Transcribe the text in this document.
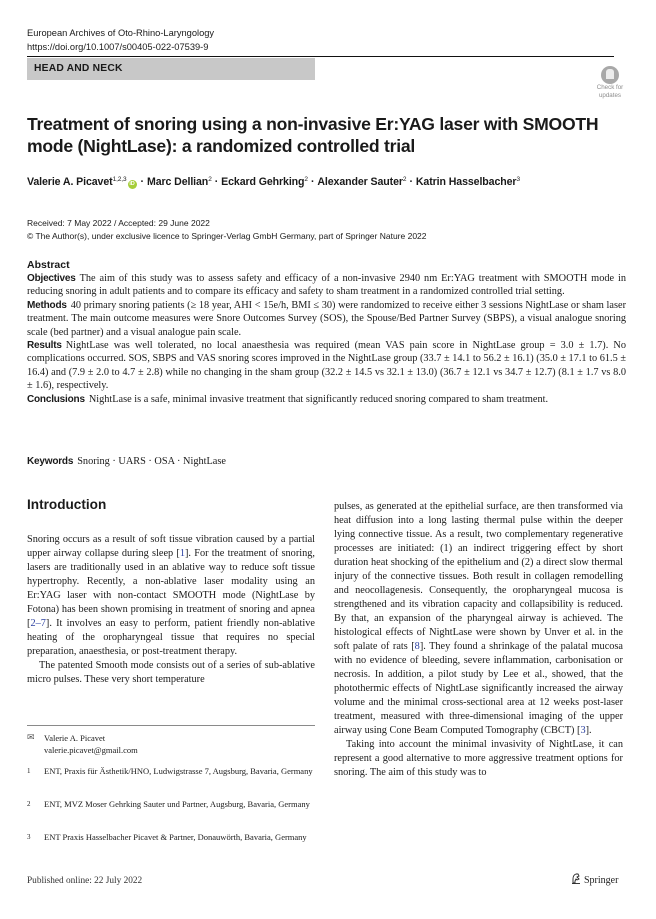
European Archives of Oto-Rhino-Laryngology
https://doi.org/10.1007/s00405-022-07539-9
HEAD AND NECK
Check for
updates
Treatment of snoring using a non-invasive Er:YAG laser with SMOOTH mode (NightLase): a randomized controlled trial
Valerie A. Picavet$^{1,2,3}$iD · Marc Dellian$^2$ · Eckard Gehrking$^2$ · Alexander Sauter$^2$ · Katrin Hasselbacher$^3$
Received: 7 May 2022 / Accepted: 29 June 2022
© The Author(s), under exclusive licence to Springer-Verlag GmbH Germany, part of Springer Nature 2022
Abstract

Objectives The aim of this study was to assess safety and efficacy of a non-invasive 2940 nm Er:YAG treatment with SMOOTH mode in reducing snoring in adult patients and to compare its efficacy and safety to sham treatment in a randomized controlled trial setting.

Methods 40 primary snoring patients (≥ 18 year, AHI < 15e/h, BMI ≤ 30) were randomized to receive either 3 sessions NightLase or sham laser treatment. The main outcome measures were Snore Outcomes Survey (SOS), the Spouse/Bed Partner Survey (SBPS), a visual analogue snoring scale (bed partner) and a visual analogue pain scale.

Results NightLase was well tolerated, no local anaesthesia was required (mean VAS pain score in NightLase group = 3.0 ± 1.7). No complications occurred. SOS, SBPS and VAS snoring scores improved in the NightLase group (33.7 ± 14.1 to 56.2 ± 16.1) (35.0 ± 17.1 to 61.5 ± 16.4) and (7.9 ± 2.0 to 4.7 ± 2.8) while no changing in the sham group (32.2 ± 14.5 vs 32.1 ± 13.0) (36.7 ± 12.1 vs 34.7 ± 12.7) (8.1 ± 1.7 vs 8.0 ± 1.6), respectively.

Conclusions NightLase is a safe, minimal invasive treatment that significantly reduced snoring compared to sham treatment.

Keywords Snoring · UARS · OSA · NightLase
Introduction

Snoring occurs as a result of soft tissue vibration caused by a partial upper airway collapse during sleep [1]. For the treatment of snoring, lasers are traditionally used in an ablative way to reduce soft tissue hypertrophy. Recently, a non-ablative laser modality using an Er:YAG laser with non-contact SMOOTH mode (NightLase by Fotona) has been shown promising in treatment of snoring and apnea [2–7]. It involves an easy to perform, patient friendly non-ablative heating of the oropharyngeal tissue that requires no special preparation, anaesthesia, or post-treatment therapy.

The patented Smooth mode consists out of a series of sub-ablative micro pulses. These very short temperature

pulses, as generated at the epithelial surface, are then transformed via heat diffusion into a long lasting thermal pulse within the deeper lying connective tissue. As a result, two complementary regenerative processes are initiated: (1) an indirect triggering effect by short duration heat shocking of the epithelium and (2) a direct slow thermal injury of the connective tissues. Both result in collagen remodelling and neocollagenesis. Consequently, the oropharyngeal mucosa is strengthened and its vibration capacity and collapsibility is reduced. By that, an expansion of the pharyngeal airway is achieved. The histological effects of NightLase were shown by Unver et al. in the soft palate of rats [8]. They found a shrinkage of the palatal mucosa with no evidence of bleeding, severe inflammation, carbonisation or necrosis. In addition, a pilot study by Lee et al., showed, that the photothermic effects of NightLase significantly increased the airway volume and the minimal cross-sectional area at 12 weeks post-laser treatment, measured with three-dimensional imaging of the upper airway using Cone Beam Computed Tomography (CBCT) [3].

Taking into account the minimal invasivity of NightLase, it can represent a good alternative to more aggressive treatment options for snoring. The aim of this study was to

✉	Valerie A. Picavet
valerie.picavet@gmail.com
1	ENT, Praxis für Ästhetik/HNO, Ludwigstrasse 7, Augsburg, Bavaria, Germany
2	ENT, MVZ Moser Gehrking Sauter und Partner, Augsburg, Bavaria, Germany
3	ENT Praxis Hasselbacher Picavet & Partner, Donauwörth, Bavaria, Germany
Published online: 22 July 2022	Springer
